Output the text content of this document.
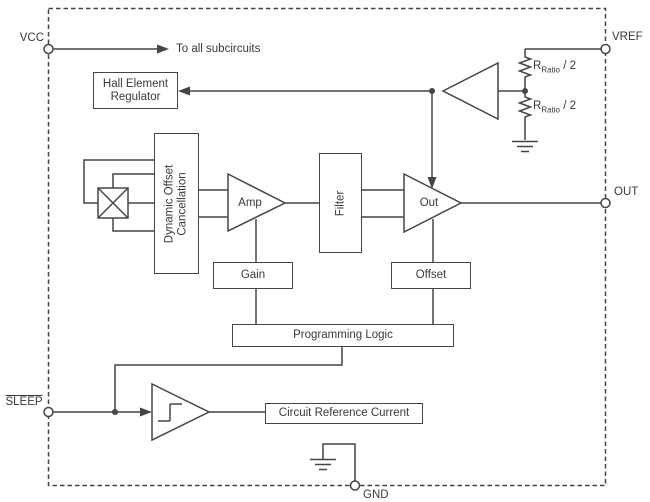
Hall Element Regulator
Dynamic Offset Cancellation	Filter
Gain	Offset
Programming Logic
Circuit Reference Current
Amp	Out
VCC	VREF
OUT
SLEEP
GND
To all subcircuits
$R_{Ratio} / 2$
$R_{Ratio} / 2$
